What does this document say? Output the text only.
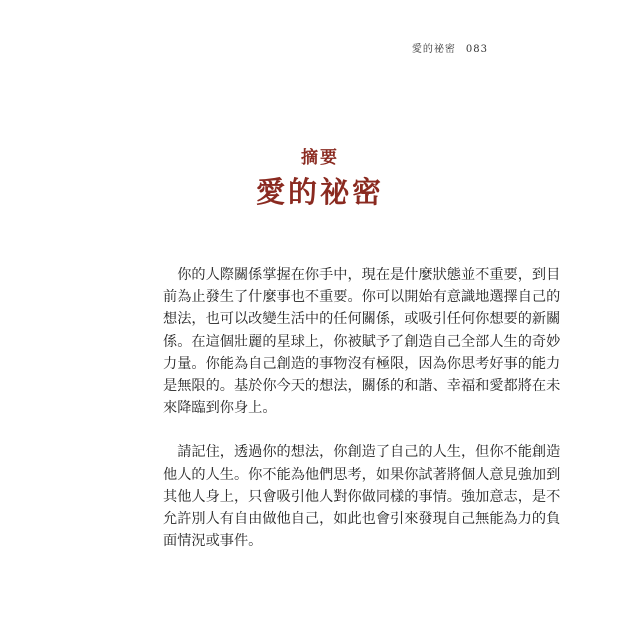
愛的祕密 083
摘要
愛的祕密

　你的人際關係掌握在你手中，現在是什麼狀態並不重要，到目
前為止發生了什麼事也不重要。你可以開始有意識地選擇自己的
想法，也可以改變生活中的任何關係，或吸引任何你想要的新關
係。在這個壯麗的星球上，你被賦予了創造自己全部人生的奇妙
力量。你能為自己創造的事物沒有極限，因為你思考好事的能力
是無限的。基於你今天的想法，關係的和諧、幸福和愛都將在未
來降臨到你身上。

　請記住，透過你的想法，你創造了自己的人生，但你不能創造
他人的人生。你不能為他們思考，如果你試著將個人意見強加到
其他人身上，只會吸引他人對你做同樣的事情。強加意志，是不
允許別人有自由做他自己，如此也會引來發現自己無能為力的負
面情況或事件。
